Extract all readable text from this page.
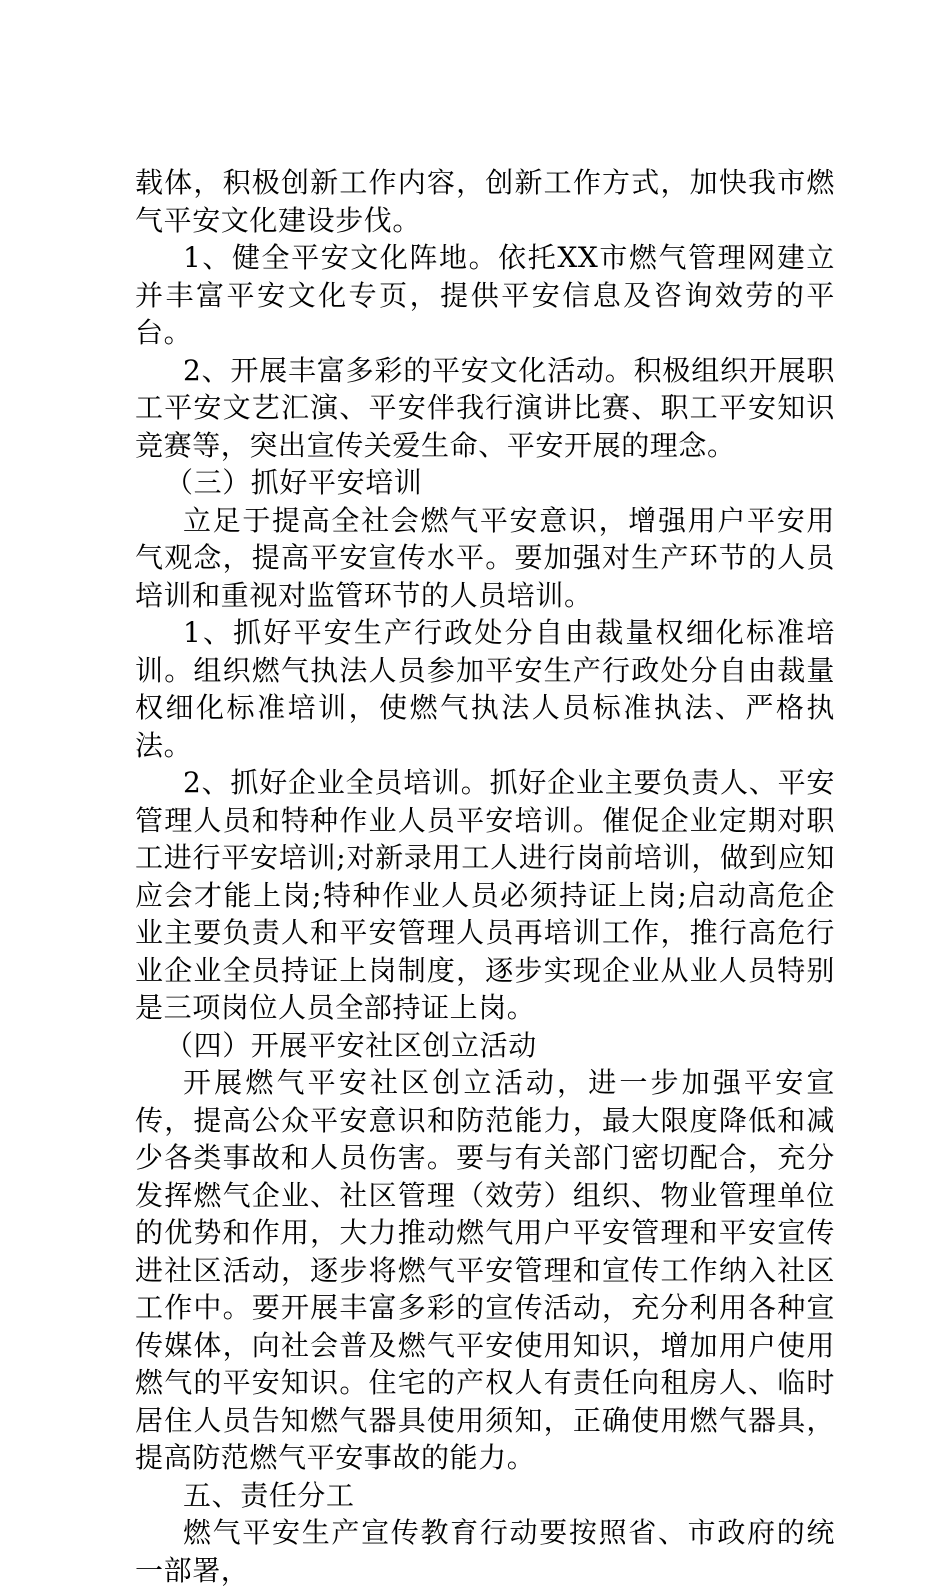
载体，积极创新工作内容，创新工作方式，加快我市燃气平安文化建设步伐。

1、健全平安文化阵地。依托XX市燃气管理网建立并丰富平安文化专页，提供平安信息及咨询效劳的平台。

2、开展丰富多彩的平安文化活动。积极组织开展职工平安文艺汇演、平安伴我行演讲比赛、职工平安知识竞赛等，突出宣传关爱生命、平安开展的理念。

（三）抓好平安培训

立足于提高全社会燃气平安意识，增强用户平安用气观念，提高平安宣传水平。要加强对生产环节的人员培训和重视对监管环节的人员培训。

1、抓好平安生产行政处分自由裁量权细化标准培训。组织燃气执法人员参加平安生产行政处分自由裁量权细化标准培训，使燃气执法人员标准执法、严格执法。

2、抓好企业全员培训。抓好企业主要负责人、平安管理人员和特种作业人员平安培训。催促企业定期对职工进行平安培训;对新录用工人进行岗前培训，做到应知应会才能上岗;特种作业人员必须持证上岗;启动高危企业主要负责人和平安管理人员再培训工作，推行高危行业企业全员持证上岗制度，逐步实现企业从业人员特别是三项岗位人员全部持证上岗。

（四）开展平安社区创立活动

开展燃气平安社区创立活动，进一步加强平安宣传，提高公众平安意识和防范能力，最大限度降低和减少各类事故和人员伤害。要与有关部门密切配合，充分发挥燃气企业、社区管理（效劳）组织、物业管理单位的优势和作用，大力推动燃气用户平安管理和平安宣传进社区活动，逐步将燃气平安管理和宣传工作纳入社区工作中。要开展丰富多彩的宣传活动，充分利用各种宣传媒体，向社会普及燃气平安使用知识，增加用户使用燃气的平安知识。住宅的产权人有责任向租房人、临时居住人员告知燃气器具使用须知，正确使用燃气器具，提高防范燃气平安事故的能力。

五、责任分工

燃气平安生产宣传教育行动要按照省、市政府的统一部署，
